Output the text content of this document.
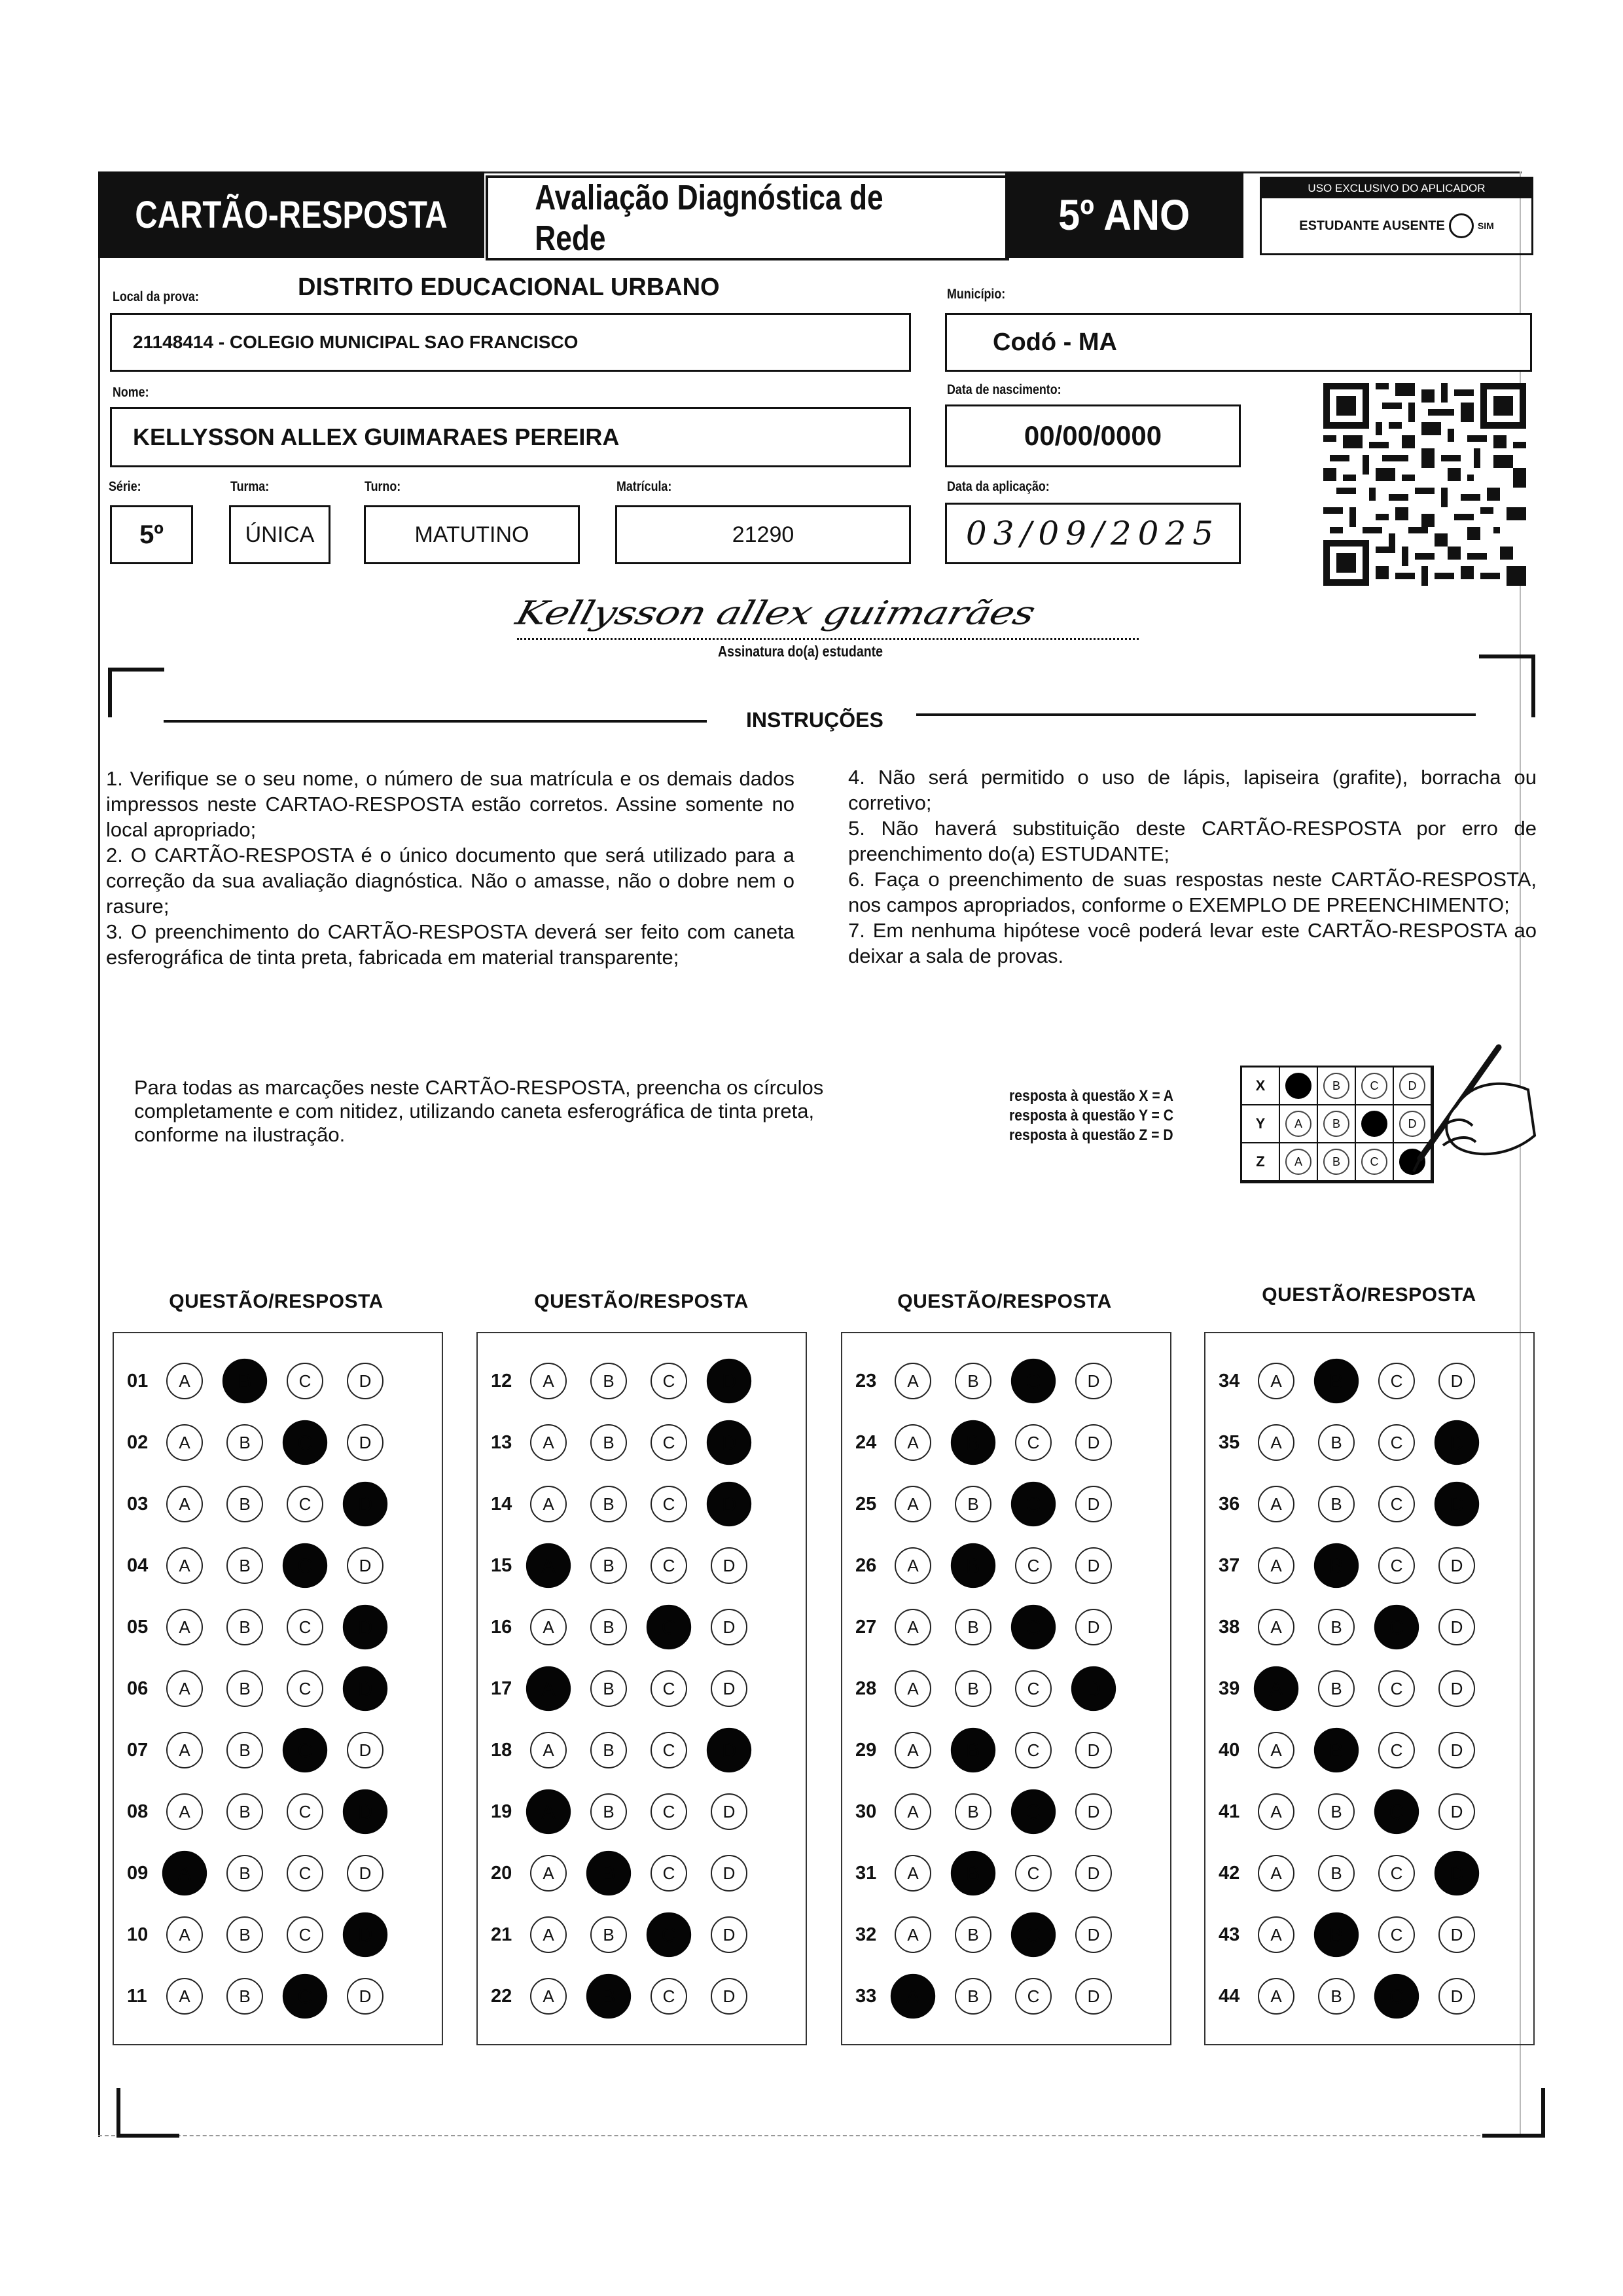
CARTÃO-RESPOSTA Avaliação Diagnóstica de Rede	5º ANO
USO EXCLUSIVO DO APLICADOR
ESTUDANTE AUSENTE	SIM
Local da prova:	DISTRITO EDUCACIONAL URBANO
21148414 - COLEGIO MUNICIPAL SAO FRANCISCO
Município:
Codó - MA
Nome:
KELLYSSON ALLEX GUIMARAES PEREIRA
Data de nascimento:
00/00/0000
Série:
5º
Turma:
ÚNICA
Turno:
MATUTINO
Matrícula:
21290
Data da aplicação:
03/09/2025
Kellysson allex guimarães
Assinatura do(a) estudante
INSTRUÇÕES

1. Verifique se o seu nome, o número de sua matrícula e os demais dados impressos neste CARTAO-RESPOSTA estão corretos. Assine somente no local apropriado;

2. O CARTÃO-RESPOSTA é o único documento que será utilizado para a correção da sua avaliação diagnóstica. Não o amasse, não o dobre nem o rasure;

3. O preenchimento do CARTÃO-RESPOSTA deverá ser feito com caneta esferográfica de tinta preta, fabricada em material transparente;

4. Não será permitido o uso de lápis, lapiseira (grafite), borracha ou corretivo;

5. Não haverá substituição deste CARTÃO-RESPOSTA por erro de preenchimento do(a) ESTUDANTE;

6. Faça o preenchimento de suas respostas neste CARTÃO-RESPOSTA, nos campos apropriados, conforme o EXEMPLO DE PREENCHIMENTO;

7. Em nenhuma hipótese você poderá levar este CARTÃO-RESPOSTA ao deixar a sala de provas.

Para todas as marcações neste CARTÃO-RESPOSTA, preencha os círculos completamente e com nitidez, utilizando caneta esferográfica de tinta preta, conforme na ilustração.
resposta à questão X = A
resposta à questão Y = C
resposta à questão Z = D
X	A	B	C	D
Y	A	B	C	D
Z	A	B	C	D
QUESTÃO/RESPOSTA
01	A	B	C	D
02	A	B	C	D
03	A	B	C	D
04	A	B	C	D
05	A	B	C	D
06	A	B	C	D
07	A	B	C	D
08	A	B	C	D
09	A	B	C	D
10	A	B	C	D
11	A	B	C	D
QUESTÃO/RESPOSTA
12	A	B	C	D
13	A	B	C	D
14	A	B	C	D
15	A	B	C	D
16	A	B	C	D
17	A	B	C	D
18	A	B	C	D
19	A	B	C	D
20	A	B	C	D
21	A	B	C	D
22	A	B	C	D
QUESTÃO/RESPOSTA
23	A	B	C	D
24	A	B	C	D
25	A	B	C	D
26	A	B	C	D
27	A	B	C	D
28	A	B	C	D
29	A	B	C	D
30	A	B	C	D
31	A	B	C	D
32	A	B	C	D
33	A	B	C	D
QUESTÃO/RESPOSTA
34	A	B	C	D
35	A	B	C	D
36	A	B	C	D
37	A	B	C	D
38	A	B	C	D
39	A	B	C	D
40	A	B	C	D
41	A	B	C	D
42	A	B	C	D
43	A	B	C	D
44	A	B	C	D
